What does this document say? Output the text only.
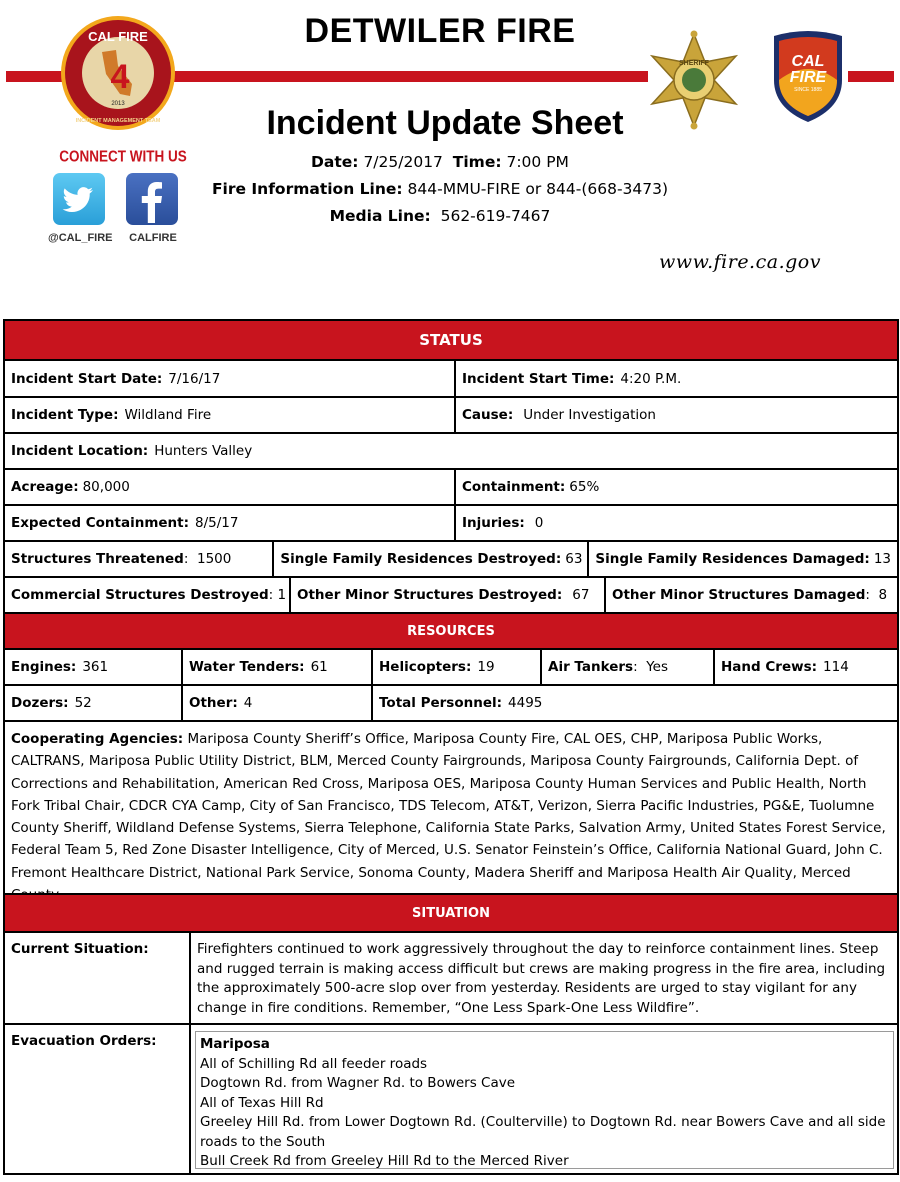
DETWILER FIRE
Incident Update Sheet
Date: 7/25/2017 Time: 7:00 PM
Fire Information Line: 844-MMU-FIRE or 844-(668-3473)
Media Line: 562-619-7467
www.fire.ca.gov
4
CAL FIRE
INCIDENT MANAGEMENT TEAM
2013
CONNECT WITH US
@CAL_FIRE	CALFIRE
SHERIFF	CAL
FIRE
SINCE 1885
STATUS
Incident Start Date: 7/16/17	Incident Start Time: 4:20 P.M.
Incident Type: Wildland Fire	Cause: Under Investigation
Incident Location: Hunters Valley
Acreage: 80,000	Containment: 65%
Expected Containment: 8/5/17	Injuries: 0
Structures Threatened :  1500	Single Family Residences Destroyed: 63 Single Family Residences Damaged: 13
Commercial Structures Destroyed : 1 Other Minor Structures Destroyed: 67 Other Minor Structures Damaged :  8
RESOURCES
Engines: 361	Water Tenders: 61	Helicopters: 19	Air Tankers :  Yes	Hand Crews: 114
Dozers: 52	Other: 4	Total Personnel: 4495
Cooperating Agencies: Mariposa County Sheriff’s Office, Mariposa County Fire, CAL OES, CHP, Mariposa Public Works, CALTRANS, Mariposa Public Utility District, BLM, Merced County Fairgrounds, Mariposa County Fairgrounds, California Dept. of Corrections and Rehabilitation, American Red Cross, Mariposa OES, Mariposa County Human Services and Public Health, North Fork Tribal Chair, CDCR CYA Camp, City of San Francisco, TDS Telecom, AT&T, Verizon, Sierra Pacific Industries, PG&E, Tuolumne County Sheriff, Wildland Defense Systems, Sierra Telephone, California State Parks, Salvation Army, United States Forest Service, Federal Team 5, Red Zone Disaster Intelligence, City of Merced, U.S. Senator Feinstein’s Office, California National Guard, John C. Fremont Healthcare District, National Park Service, Sonoma County, Madera Sheriff and Mariposa Health Air Quality, Merced
SITUATION
Current Situation:	Firefighters continued to work aggressively throughout the day to reinforce containment lines. Steep and rugged terrain is making access difficult but crews are making progress in the fire area, including the approximately 500-acre slop over from yesterday. Residents are urged to stay vigilant for any change in fire conditions. Remember, “One Less Spark-One Less Wildfire”.
Evacuation Orders:	Mariposa
All of Schilling Rd all feeder roads
Dogtown Rd. from Wagner Rd. to Bowers Cave
All of Texas Hill Rd
Greeley Hill Rd. from Lower Dogtown Rd. (Coulterville) to Dogtown Rd. near Bowers Cave and all side roads to the South
Bull Creek Rd from Greeley Hill Rd to the Merced River
